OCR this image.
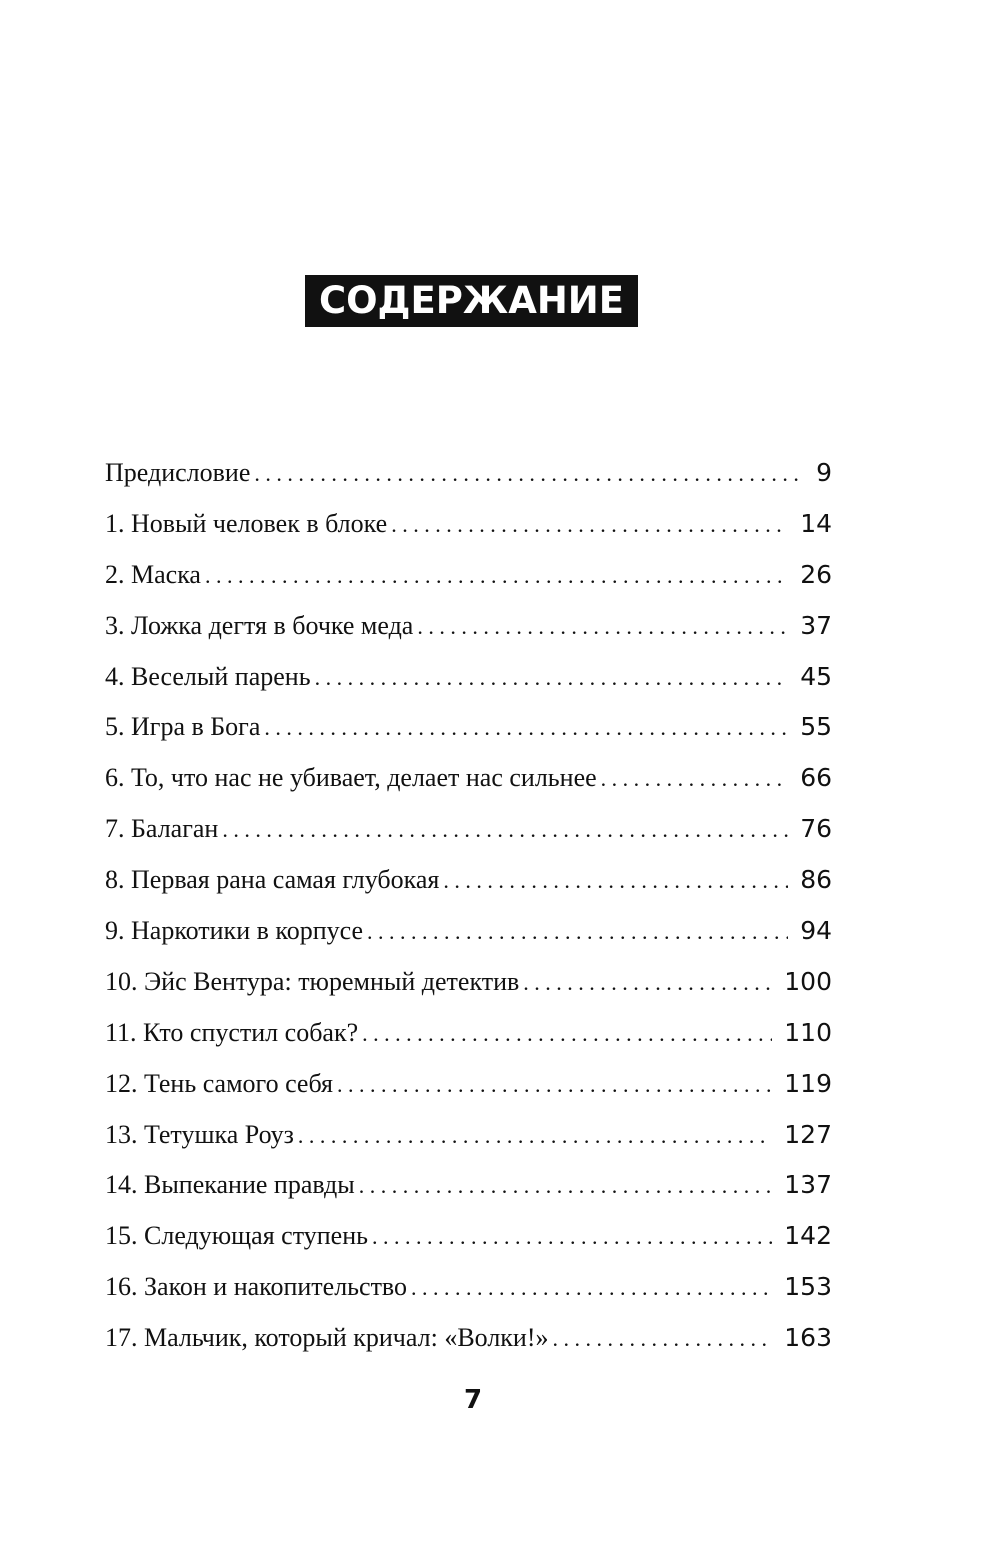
СОДЕРЖАНИЕ
Предисловие . . .	9
1. Новый человек в блоке . . .	14
2. Маска . . .	26
3. Ложка дегтя в бочке меда . . .	37
4. Веселый парень . . .	45
5. Игра в Бога . . .	55
6. То, что нас не убивает, делает нас сильнее . . .	66
7. Балаган . . .	76
8. Первая рана самая глубокая . . .	86
9. Наркотики в корпусе . . .	94
10. Эйс Вентура: тюремный детектив . . .	100
11. Кто спустил собак? . . .	110
12. Тень самого себя . . .	119
13. Тетушка Роуз . . .	127
14. Выпекание правды . . .	137
15. Следующая ступень . . .	142
16. Закон и накопительство . . .	153
17. Мальчик, который кричал: «Волки!» . . .	163
7
